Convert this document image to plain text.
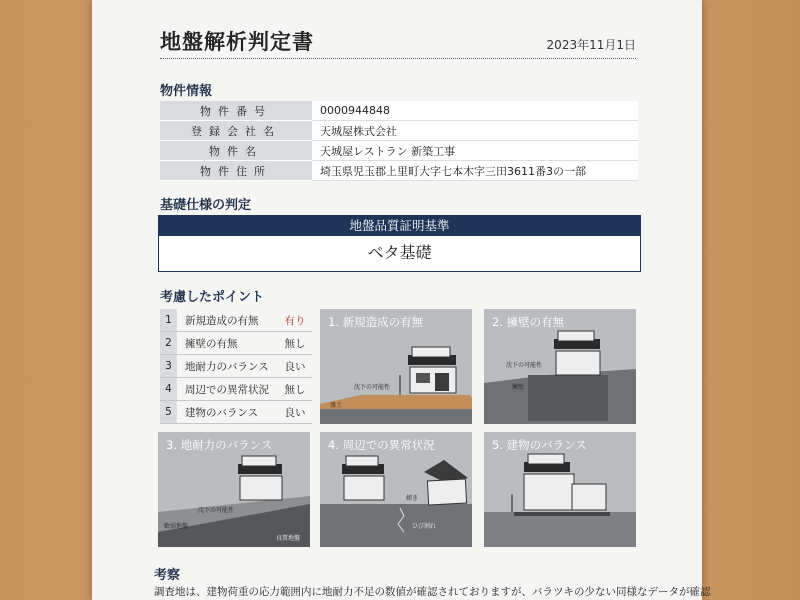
地盤解析判定書	2023年11月1日
物件情報
物件番号	0000944848
登録会社名	天城屋株式会社
物件名	天城屋レストラン 新築工事
物件住所	埼玉県児玉郡上里町大字七本木字三田3611番3の一部
基礎仕様の判定
地盤品質証明基準
ベタ基礎
考慮したポイント
1	新規造成の有無	有り
2	擁壁の有無	無し
3	地耐力のバランス	良い
4	周辺での異常状況	無し
5	建物のバランス	良い
沈下の可能性
盛土
1. 新規造成の有無
沈下の可能性
擁壁
2. 擁壁の有無
沈下の可能性
軟弱地盤
良質地盤
3. 地耐力のバランス
傾き
ひび割れ
4. 周辺での異常状況	5. 建物のバランス
考察
調査地は、建物荷重の応力範囲内に地耐力不足の数値が確認されておりますが、バラツキの少ない同様なデータが確認
